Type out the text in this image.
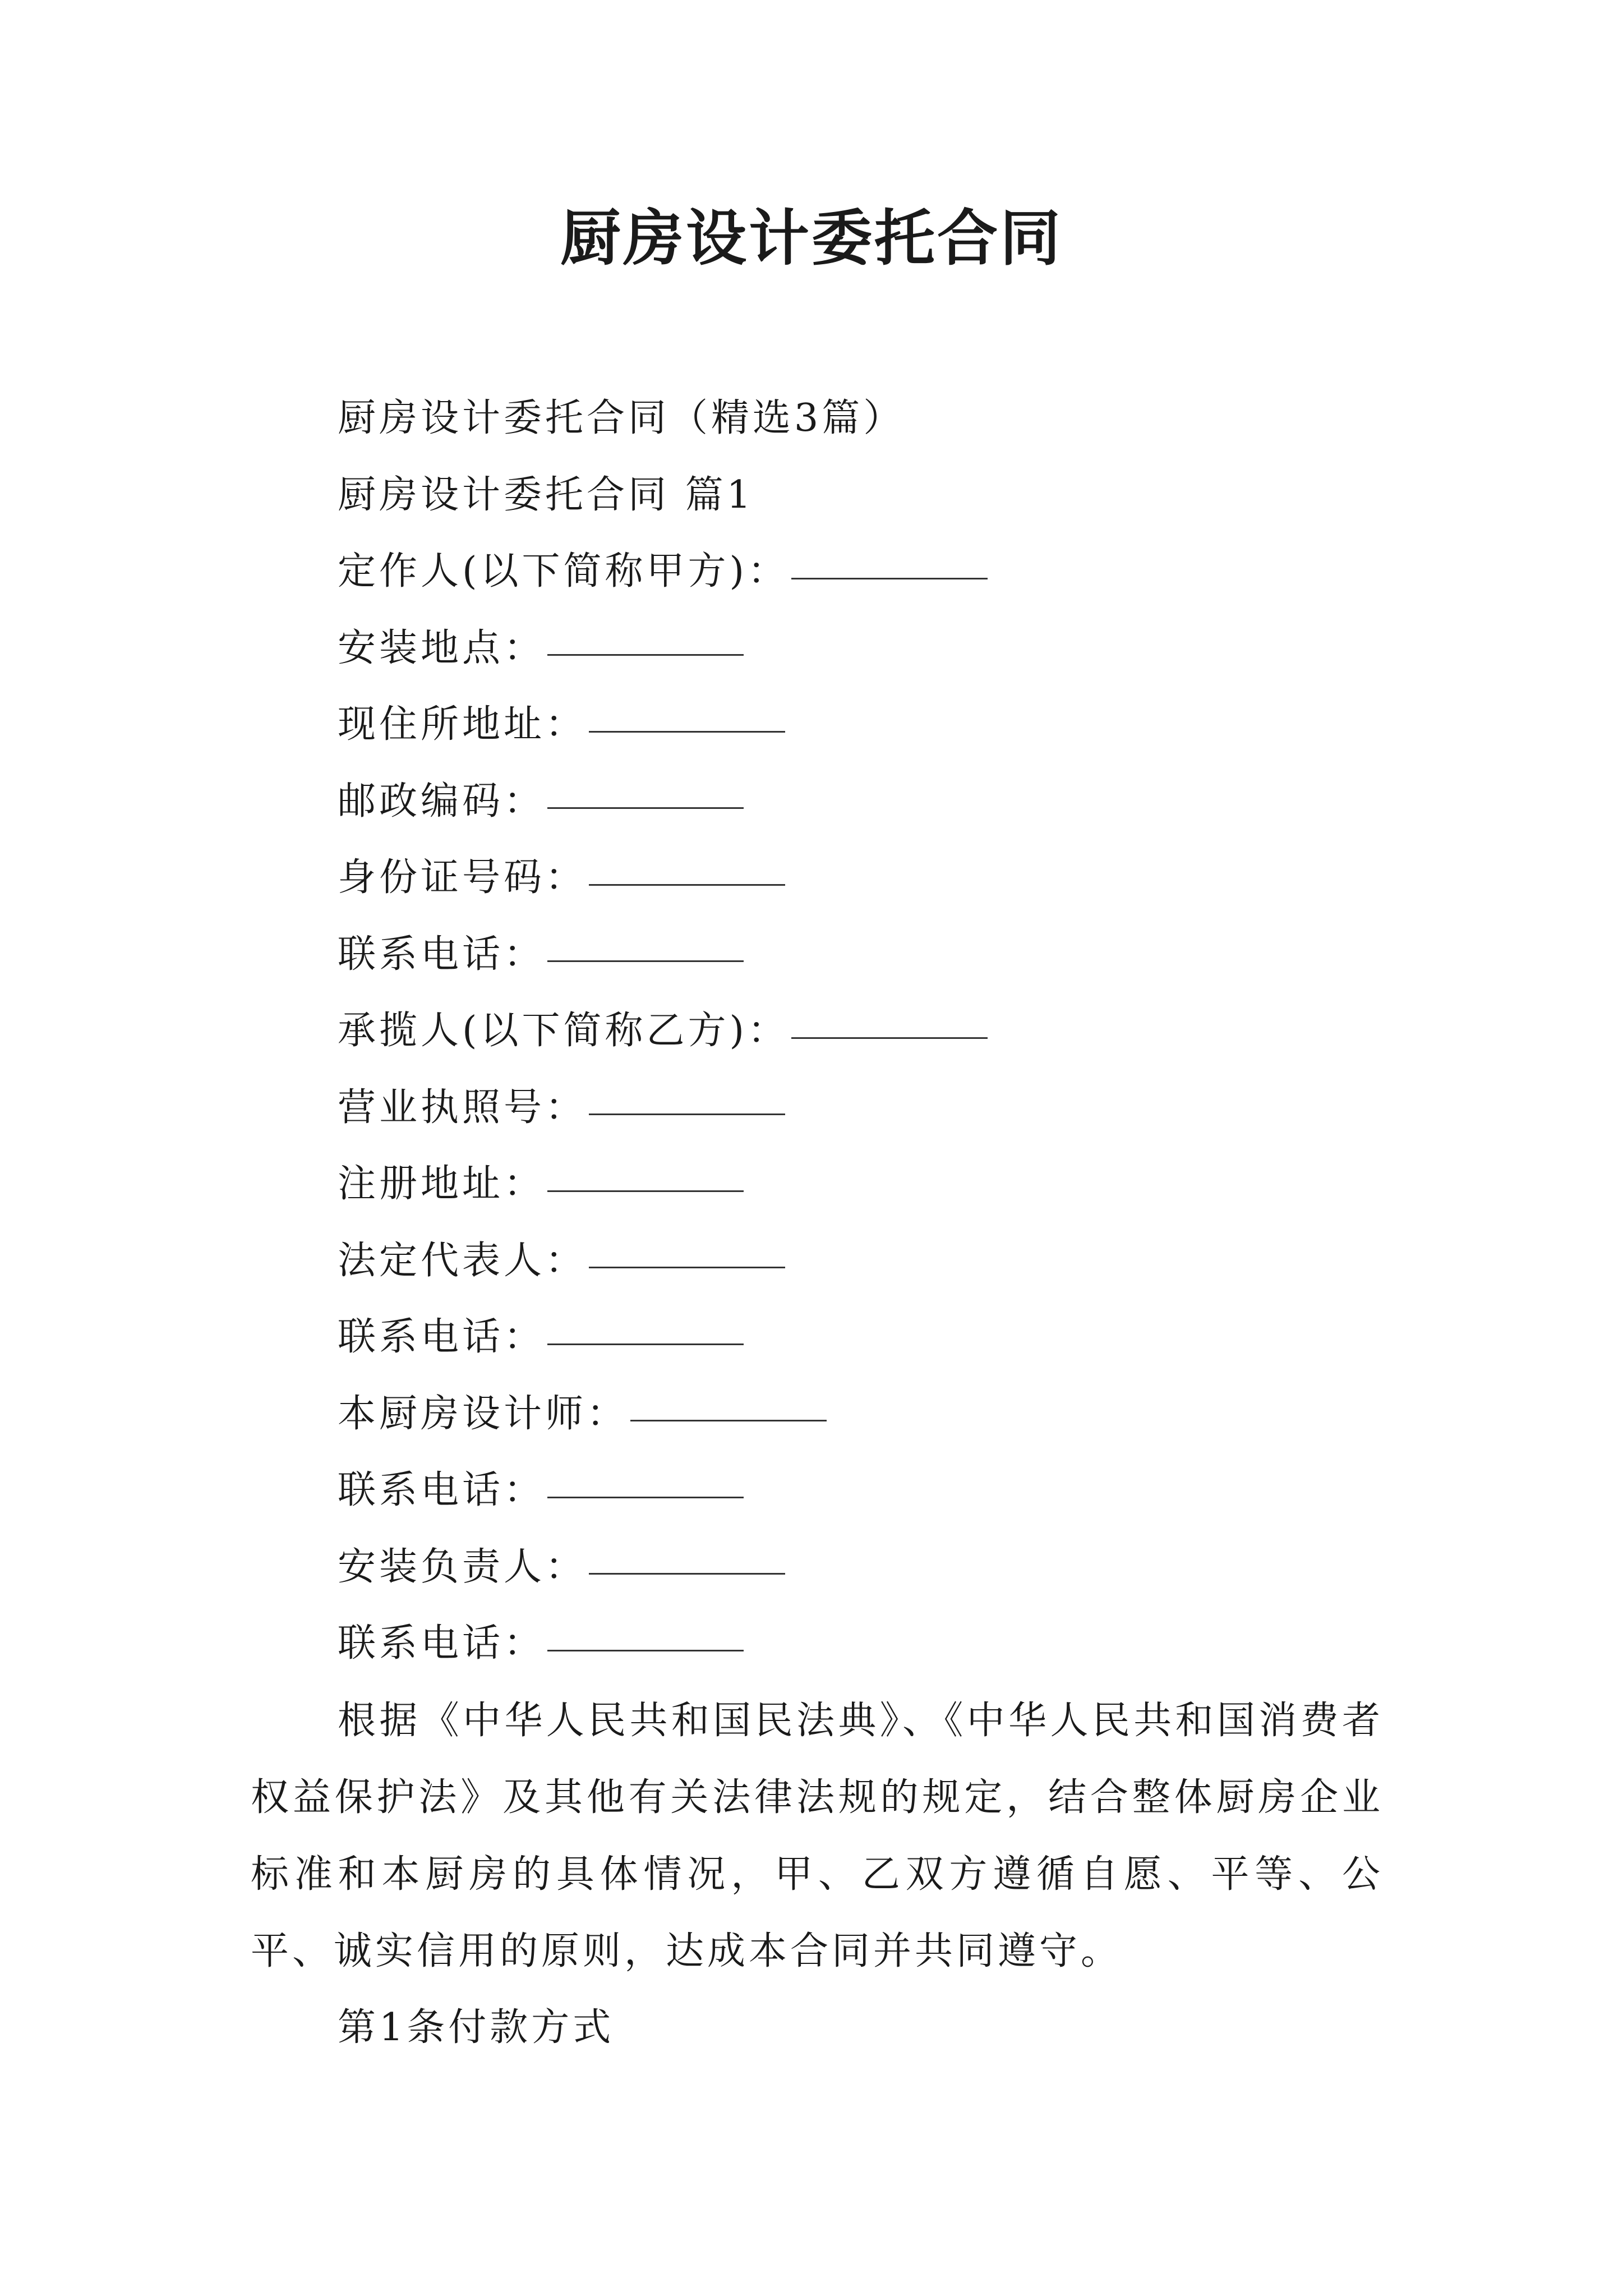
厨房设计委托合同
厨房设计委托合同（精选3篇）
厨房设计委托合同 篇1
定作人(以下简称甲方)：
安装地点：
现住所地址：
邮政编码：
身份证号码：
联系电话：
承揽人(以下简称乙方)：
营业执照号：
注册地址：
法定代表人：
联系电话：
本厨房设计师：
联系电话：
安装负责人：
联系电话：

根据《中华人民共和国民法典》、《中华人民共和国消费者权益保护法》及其他有关法律法规的规定，结合整体厨房企业标准和本厨房的具体情况，甲、乙双方遵循自愿、平等、公平、诚实信用的原则，达成本合同并共同遵守。

第1条付款方式
